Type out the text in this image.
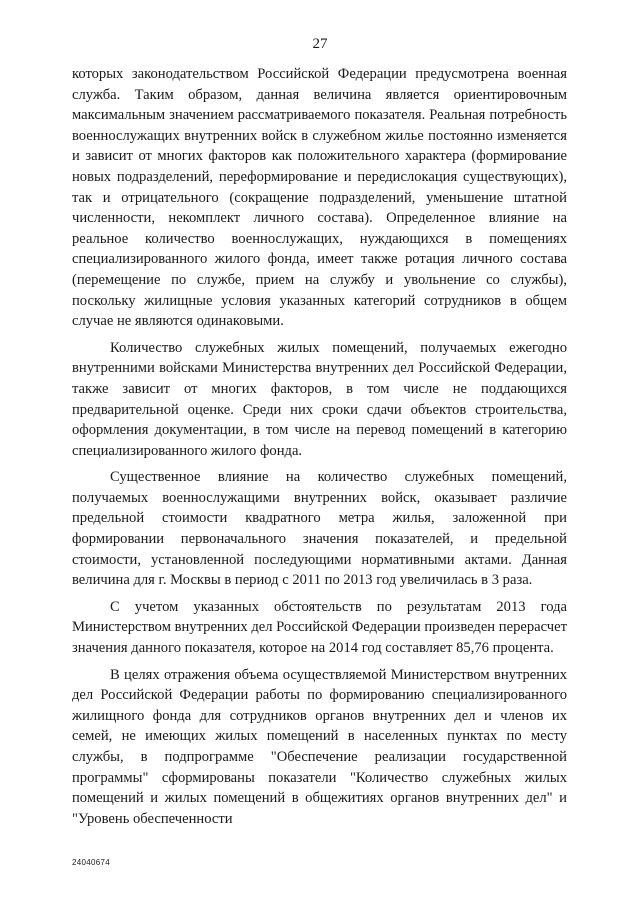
27

которых законодательством Российской Федерации предусмотрена военная служба. Таким образом, данная величина является ориентировочным максимальным значением рассматриваемого показателя. Реальная потребность военнослужащих внутренних войск в служебном жилье постоянно изменяется и зависит от многих факторов как положительного характера (формирование новых подразделений, переформирование и передислокация существующих), так и отрицательного (сокращение подразделений, уменьшение штатной численности, некомплект личного состава). Определенное влияние на реальное количество военнослужащих, нуждающихся в помещениях специализированного жилого фонда, имеет также ротация личного состава (перемещение по службе, прием на службу и увольнение со службы), поскольку жилищные условия указанных категорий сотрудников в общем случае не являются одинаковыми.

Количество служебных жилых помещений, получаемых ежегодно внутренними войсками Министерства внутренних дел Российской Федерации, также зависит от многих факторов, в том числе не поддающихся предварительной оценке. Среди них сроки сдачи объектов строительства, оформления документации, в том числе на перевод помещений в категорию специализированного жилого фонда.

Существенное влияние на количество служебных помещений, получаемых военнослужащими внутренних войск, оказывает различие предельной стоимости квадратного метра жилья, заложенной при формировании первоначального значения показателей, и предельной стоимости, установленной последующими нормативными актами. Данная величина для г. Москвы в период с 2011 по 2013 год увеличилась в 3 раза.

С учетом указанных обстоятельств по результатам 2013 года Министерством внутренних дел Российской Федерации произведен перерасчет значения данного показателя, которое на 2014 год составляет 85,76 процента.

В целях отражения объема осуществляемой Министерством внутренних дел Российской Федерации работы по формированию специализированного жилищного фонда для сотрудников органов внутренних дел и членов их семей, не имеющих жилых помещений в населенных пунктах по месту службы, в подпрограмме "Обеспечение реализации государственной программы" сформированы показатели "Количество служебных жилых помещений и жилых помещений в общежитиях органов внутренних дел" и "Уровень обеспеченности

24040674
